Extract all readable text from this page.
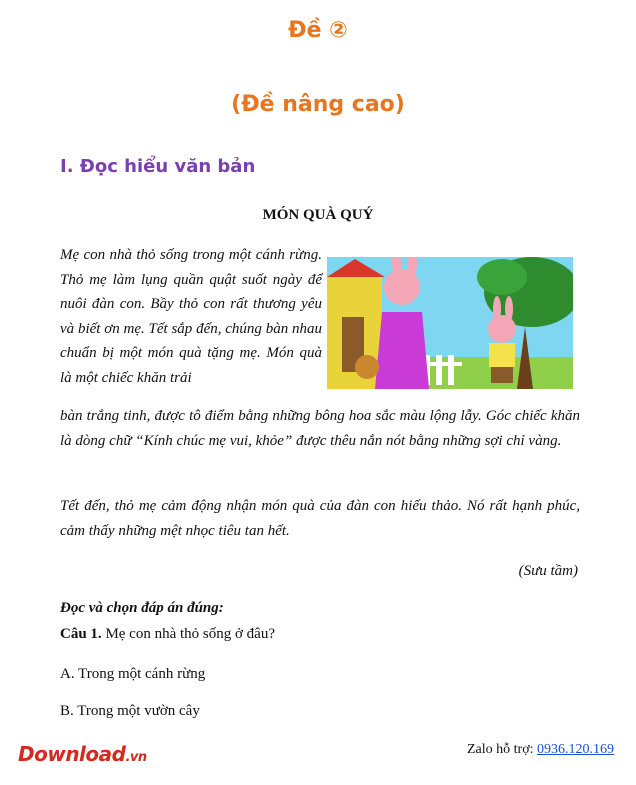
Đề ②
(Đề nâng cao)
I. Đọc hiểu văn bản
MÓN QUÀ QUÝ
Mẹ con nhà thỏ sống trong một cánh rừng. Thỏ mẹ làm lụng quần quật suốt ngày để nuôi đàn con. Bầy thỏ con rất thương yêu và biết ơn mẹ. Tết sắp đến, chúng bàn nhau chuẩn bị một món quà tặng mẹ. Món quà là một chiếc khăn trải
bàn trắng tinh, được tô điểm bằng những bông hoa sắc màu lộng lẫy. Góc chiếc khăn là dòng chữ “Kính chúc mẹ vui, khỏe” được thêu nắn nót bằng những sợi chỉ vàng.
Tết đến, thỏ mẹ cảm động nhận món quà của đàn con hiếu thảo. Nó rất hạnh phúc, cảm thấy những mệt nhọc tiêu tan hết.
(Sưu tầm)
Đọc và chọn đáp án đúng:
Câu 1. Mẹ con nhà thỏ sống ở đâu?
A. Trong một cánh rừng
B. Trong một vườn cây
Download.vn
Zalo hỗ trợ: 0936.120.169
